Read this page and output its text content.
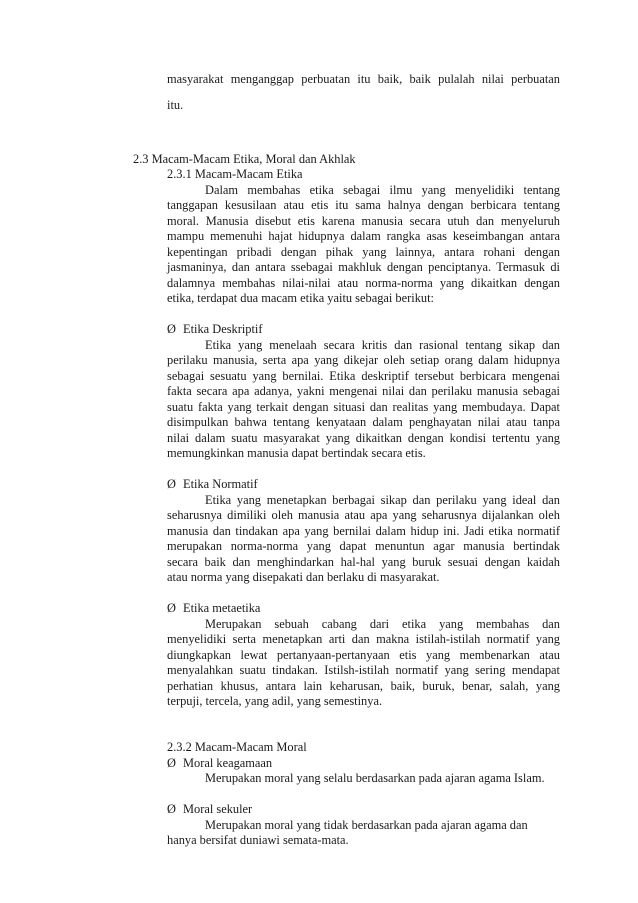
masyarakat menganggap perbuatan itu baik, baik pulalah nilai perbuatan
itu.
2.3 Macam-Macam Etika, Moral dan Akhlak
2.3.1 Macam-Macam Etika
Dalam membahas etika sebagai ilmu yang menyelidiki tentang
tanggapan kesusilaan atau etis itu sama halnya dengan berbicara tentang
moral. Manusia disebut etis karena manusia secara utuh dan menyeluruh
mampu memenuhi hajat hidupnya dalam rangka asas keseimbangan antara
kepentingan pribadi dengan pihak yang lainnya, antara rohani dengan
jasmaninya, dan antara ssebagai makhluk dengan penciptanya. Termasuk di
dalamnya membahas nilai-nilai atau norma-norma yang dikaitkan dengan
etika, terdapat dua macam etika yaitu sebagai berikut:
Ø Etika Deskriptif
Etika yang menelaah secara kritis dan rasional tentang sikap dan
perilaku manusia, serta apa yang dikejar oleh setiap orang dalam hidupnya
sebagai sesuatu yang bernilai. Etika deskriptif tersebut berbicara mengenai
fakta secara apa adanya, yakni mengenai nilai dan perilaku manusia sebagai
suatu fakta yang terkait dengan situasi dan realitas yang membudaya. Dapat
disimpulkan bahwa tentang kenyataan dalam penghayatan nilai atau tanpa
nilai dalam suatu masyarakat yang dikaitkan dengan kondisi tertentu yang
memungkinkan manusia dapat bertindak secara etis.
Ø Etika Normatif
Etika yang menetapkan berbagai sikap dan perilaku yang ideal dan
seharusnya dimiliki oleh manusia atau apa yang seharusnya dijalankan oleh
manusia dan tindakan apa yang bernilai dalam hidup ini. Jadi etika normatif
merupakan norma-norma yang dapat menuntun agar manusia bertindak
secara baik dan menghindarkan hal-hal yang buruk sesuai dengan kaidah
atau norma yang disepakati dan berlaku di masyarakat.
Ø Etika metaetika
Merupakan sebuah cabang dari etika yang membahas dan
menyelidiki serta menetapkan arti dan makna istilah-istilah normatif yang
diungkapkan lewat pertanyaan-pertanyaan etis yang membenarkan atau
menyalahkan suatu tindakan. Istilsh-istilah normatif yang sering mendapat
perhatian khusus, antara lain keharusan, baik, buruk, benar, salah, yang
terpuji, tercela, yang adil, yang semestinya.
2.3.2 Macam-Macam Moral
Ø Moral keagamaan
Merupakan moral yang selalu berdasarkan pada ajaran agama Islam.
Ø Moral sekuler
Merupakan moral yang tidak berdasarkan pada ajaran agama dan
hanya bersifat duniawi semata-mata.
